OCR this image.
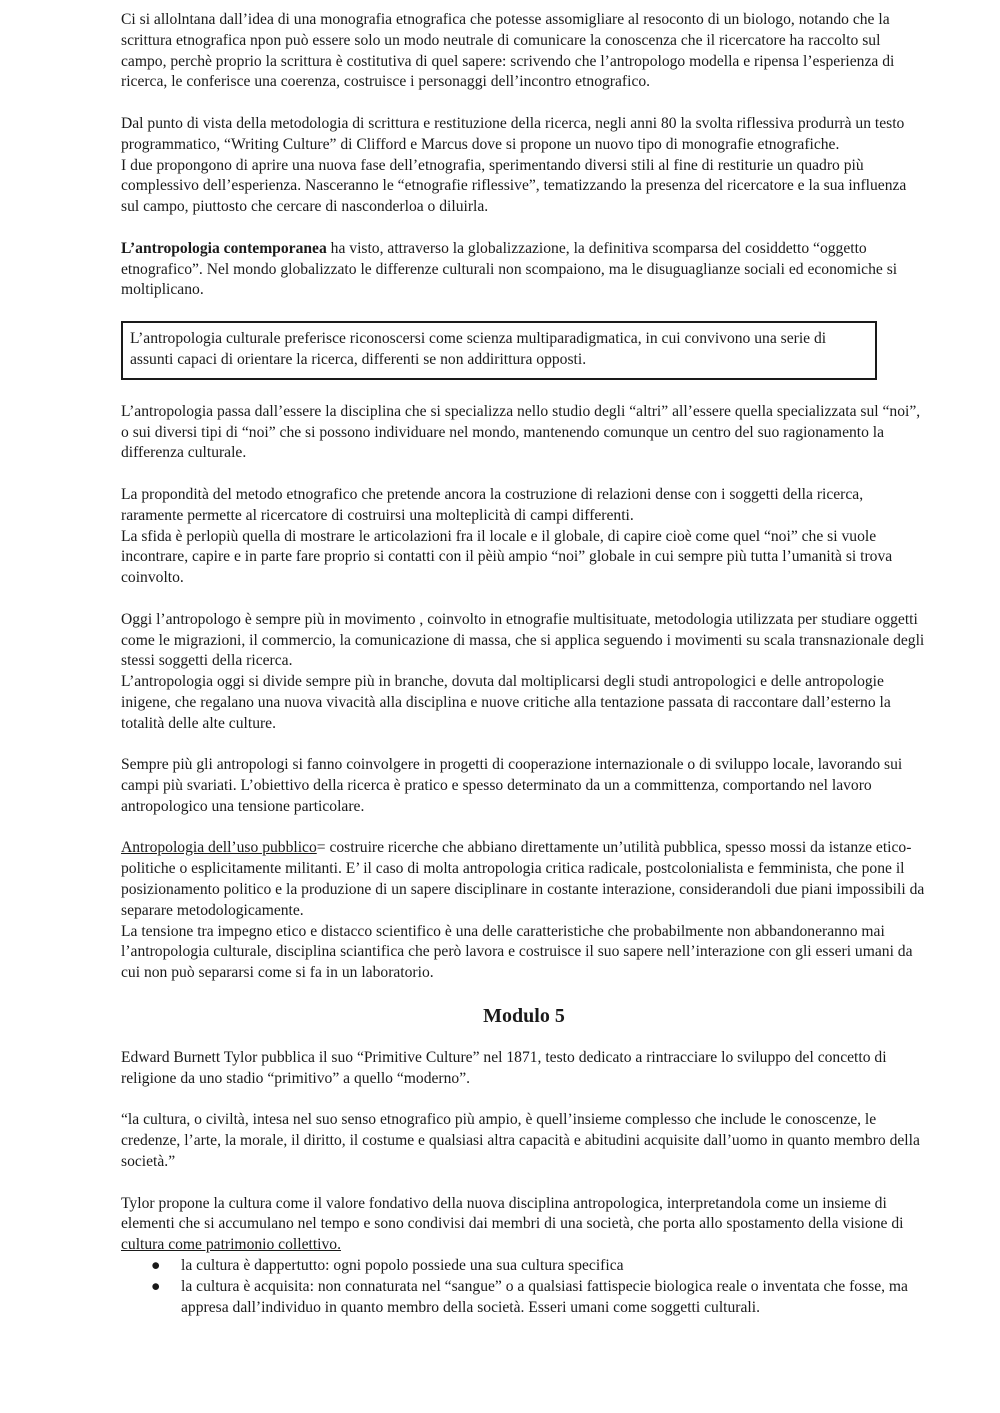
Ci si allolntana dall’idea di una monografia etnografica che potesse assomigliare al resoconto di un biologo, notando che la scrittura etnografica npon può essere solo un modo neutrale di comunicare la conoscenza che il ricercatore ha raccolto sul campo, perchè proprio la scrittura è costitutiva di quel sapere: scrivendo che l’antropologo modella e ripensa l’esperienza di ricerca, le conferisce una coerenza, costruisce i personaggi dell’incontro etnografico.

Dal punto di vista della metodologia di scrittura e restituzione della ricerca, negli anni 80 la svolta riflessiva produrrà un testo programmatico, “Writing Culture” di Clifford e Marcus dove si propone un nuovo tipo di monografie etnografiche.

I due propongono di aprire una nuova fase dell’etnografia, sperimentando diversi stili al fine di restiturie un quadro più complessivo dell’esperienza. Nasceranno le “etnografie riflessive”, tematizzando la presenza del ricercatore e la sua influenza sul campo, piuttosto che cercare di nasconderloa o diluirla.

L’antropologia contemporanea ha visto, attraverso la globalizzazione, la definitiva scomparsa del cosiddetto “oggetto etnografico”. Nel mondo globalizzato le differenze culturali non scompaiono, ma le disuguaglianze sociali ed economiche si moltiplicano.

L’antropologia culturale preferisce riconoscersi come scienza multiparadigmatica, in cui convivono una serie di assunti capaci di orientare la ricerca, differenti se non addirittura opposti.

L’antropologia passa dall’essere la disciplina che si specializza nello studio degli “altri” all’essere quella specializzata sul “noi”, o sui diversi tipi di “noi” che si possono individuare nel mondo, mantenendo comunque un centro del suo ragionamento la differenza culturale.

La propondità del metodo etnografico che pretende ancora la costruzione di relazioni dense con i soggetti della ricerca, raramente permette al ricercatore di costruirsi una molteplicità di campi differenti.

La sfida è perlopiù quella di mostrare le articolazioni fra il locale e il globale, di capire cioè come quel “noi” che si vuole incontrare, capire e in parte fare proprio si contatti con il pèiù ampio “noi” globale in cui sempre più tutta l’umanità si trova coinvolto.

Oggi l’antropologo è sempre più in movimento , coinvolto in etnografie multisituate, metodologia utilizzata per studiare oggetti come le migrazioni, il commercio, la comunicazione di massa, che si applica seguendo i movimenti su scala transnazionale degli stessi soggetti della ricerca.

L’antropologia oggi si divide sempre più in branche, dovuta dal moltiplicarsi degli studi antropologici e delle antropologie inigene, che regalano una nuova vivacità alla disciplina e nuove critiche alla tentazione passata di raccontare dall’esterno la totalità delle alte culture.

Sempre più gli antropologi si fanno coinvolgere in progetti di cooperazione internazionale o di sviluppo locale, lavorando sui campi più svariati. L’obiettivo della ricerca è pratico e spesso determinato da un a committenza, comportando nel lavoro antropologico una tensione particolare.

Antropologia dell’uso pubblico= costruire ricerche che abbiano direttamente un’utilità pubblica, spesso mossi da istanze etico-politiche o esplicitamente militanti. E’ il caso di molta antropologia critica radicale, postcolonialista e femminista, che pone il posizionamento politico e la produzione di un sapere disciplinare in costante interazione, considerandoli due piani impossibili da separare metodologicamente.

La tensione tra impegno etico e distacco scientifico è una delle caratteristiche che probabilmente non abbandoneranno mai l’antropologia culturale, disciplina sciantifica che però lavora e costruisce il suo sapere nell’interazione con gli esseri umani da cui non può separarsi come si fa in un laboratorio.

Modulo 5

Edward Burnett Tylor pubblica il suo “Primitive Culture” nel 1871, testo dedicato a rintracciare lo sviluppo del concetto di religione da uno stadio “primitivo” a quello “moderno”.

“la cultura, o civiltà, intesa nel suo senso etnografico più ampio, è quell’insieme complesso che include le conoscenze, le credenze, l’arte, la morale, il diritto, il costume e qualsiasi altra capacità e abitudini acquisite dall’uomo in quanto membro della società.”

Tylor propone la cultura come il valore fondativo della nuova disciplina antropologica, interpretandola come un insieme di elementi che si accumulano nel tempo e sono condivisi dai membri di una società, che porta allo spostamento della visione di cultura come patrimonio collettivo.

● la cultura è dappertutto: ogni popolo possiede una sua cultura specifica
● la cultura è acquisita: non connaturata nel “sangue” o a qualsiasi fattispecie biologica reale o inventata che fosse, ma appresa dall’individuo in quanto membro della società. Esseri umani come soggetti culturali.
